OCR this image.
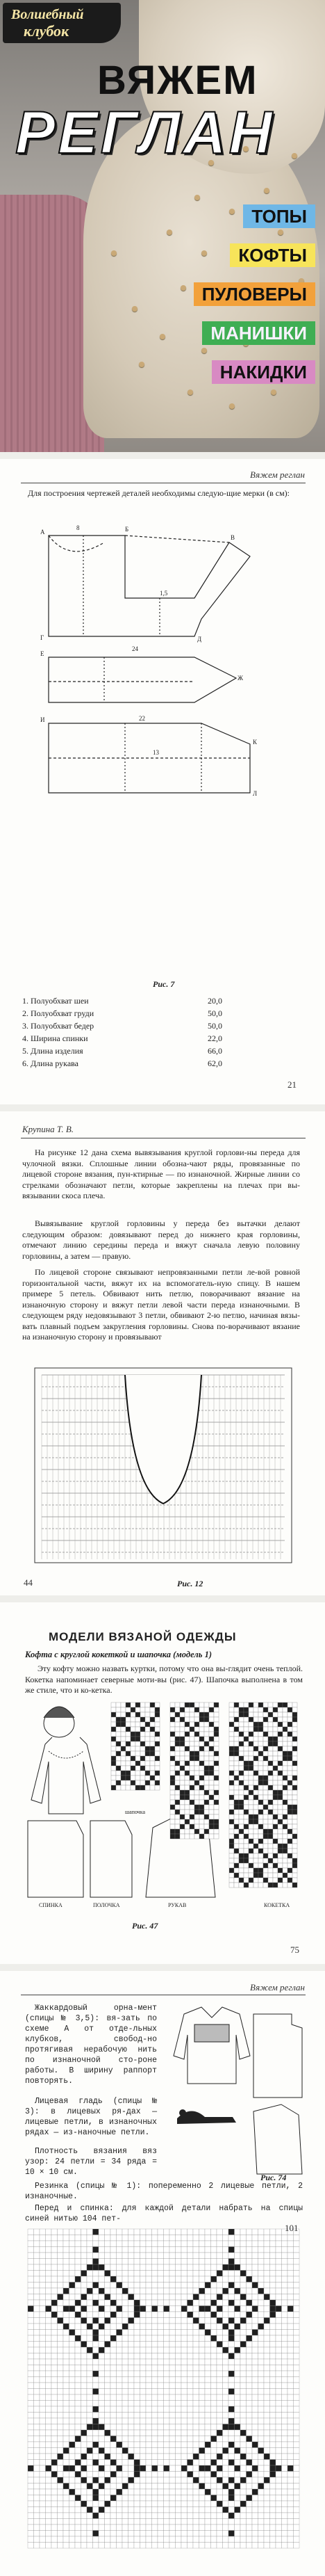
Волшебный
клубок
ВЯЖЕМ
РЕГЛАН
ТОПЫ
КОФТЫ
ПУЛОВЕРЫ
МАНИШКИ
НАКИДКИ
Вяжем реглан
Для построения чертежей деталей необходимы следую-щие мерки (в см):
A	Б
В
Г	Д
Е
Ж
И
К
Л
8
1,5
24
22
13
Рис. 7
1. Полуобхват шеи	20,0
2. Полуобхват груди	50,0
3. Полуобхват бедер	50,0
4. Ширина спинки	22,0
5. Длина изделия	66,0
6. Длина рукава	62,0
21
Крупина Т. В.
На рисунке 12 дана схема вывязывания круглой горлови-ны переда для чулочной вязки. Сплошные линии обозна-чают ряды, провязанные по лицевой стороне вязания, пун-ктирные — по изнаночной. Жирные линии со стрелками обозначают петли, которые закреплены на плечах при вы-вязывании скоса плеча.
Вывязывание круглой горловины у переда без вытачки делают следующим образом: довязывают перед до нижнего края горловины, отмечают линию середины переда и вяжут сначала левую половину горловины, а затем — правую.
По лицевой стороне связывают непровязанными петли ле-вой ровной горизонтальной части, вяжут их на вспомогатель-ную спицу. В нашем примере 5 петель. Обвивают нить петлю, поворачивают вязание на изнаночную сторону и вяжут петли левой части переда изнаночными. В следующем ряду недовязывают 3 петли, обвивают 2-ю петлю, начиная вязы-вать плавный подъем закругления горловины. Снова по-ворачивают вязание на изнаночную сторону и провязывают
Рис. 12
44
МОДЕЛИ ВЯЗАНОЙ ОДЕЖДЫ
Кофта с круглой кокеткой и шапочка (модель 1)
Эту кофту можно назвать куртки, потому что она вы-глядит очень теплой. Кокетка напоминает северные моти-вы (рис. 47). Шапочка выполнена в том же стиле, что и ко-кетка.
СПИНКА	ПОЛОЧКА	РУКАВ
шапочка
КОКЕТКА
Рис. 47
75
Вяжем реглан
Жаккардовый орна-мент (спицы № 3,5): вя-зать по схеме А от отде-льных клубков, свобод-но протягивая нерабочую нить по изнаночной сто-роне работы. В ширину раппорт повторять.
Лицевая гладь (спицы № 3): в лицевых ря-дах — лицевые петли, в изнаночных рядах — из-наночные петли.
Плотность вязания вяз узор: 24 петли = 34 ряда = 10 × 10 см.
Резинка (спицы № 1): попеременно 2 лицевые петли, 2 изнаночные.
Перед и спинка: для каждой детали набрать на спицы синей нитью 104 пет-
Рис. 74
101
